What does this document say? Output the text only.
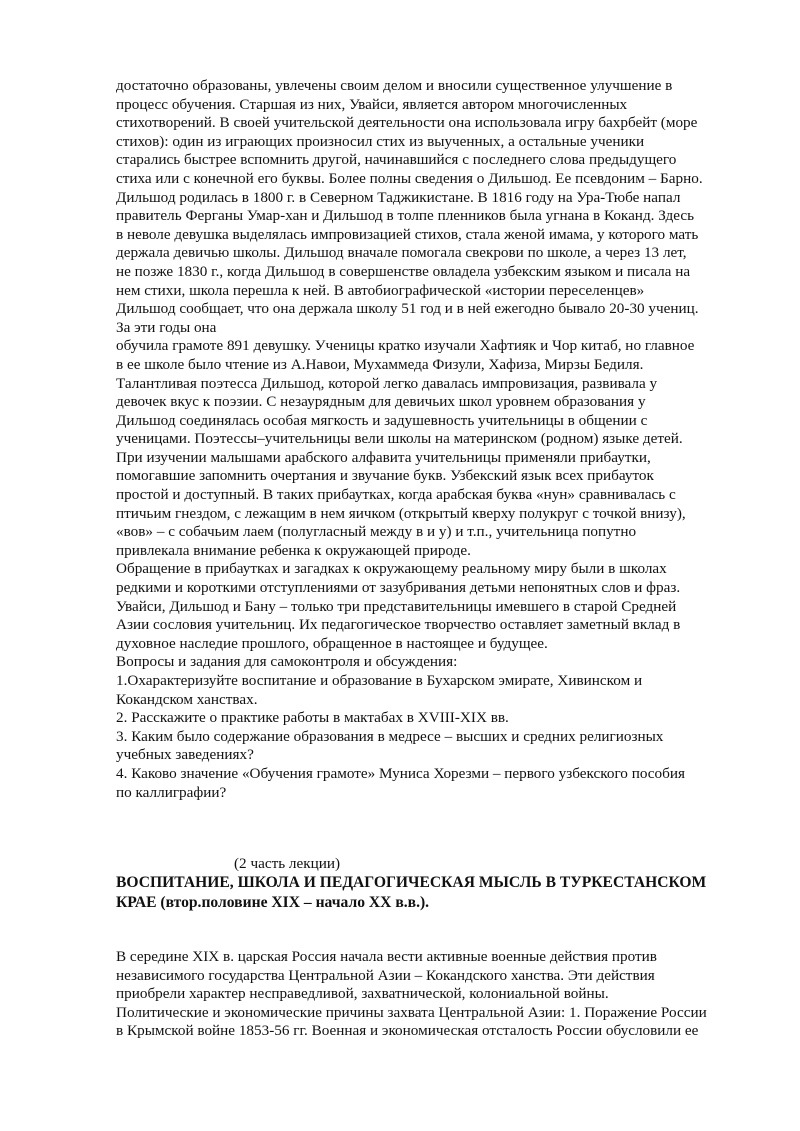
достаточно образованы, увлечены своим делом и вносили существенное улучшение в
процесс обучения. Старшая из них, Увайси, является автором многочисленных
стихотворений. В своей учительской деятельности она использовала игру бахрбейт (море
стихов): один из играющих произносил стих из выученных, а остальные ученики
старались быстрее вспомнить другой, начинавшийся с последнего слова предыдущего
стиха или с конечной его буквы. Более полны сведения о Дильшод. Ее псевдоним – Барно.
Дильшод родилась в 1800 г. в Северном Таджикистане. В 1816 году на Ура-Тюбе напал
правитель Ферганы Умар-хан и Дильшод в толпе пленников была угнана в Коканд. Здесь
в неволе девушка выделялась импровизацией стихов, стала женой имама, у которого мать
держала девичью школы. Дильшод вначале помогала свекрови по школе, а через 13 лет,
не позже 1830 г., когда Дильшод в совершенстве овладела узбекским языком и писала на
нем стихи, школа перешла к ней. В автобиографической «истории переселенцев»
Дильшод сообщает, что она держала школу 51 год и в ней ежегодно бывало 20-30 учениц.
За эти годы она
обучила грамоте 891 девушку. Ученицы кратко изучали Хафтияк и Чор китаб, но главное
в ее школе было чтение из А.Навои, Мухаммеда Физули, Хафиза, Мирзы Бедиля.
Талантливая поэтесса Дильшод, которой легко давалась импровизация, развивала у
девочек вкус к поэзии. С незаурядным для девичьих школ уровнем образования у
Дильшод соединялась особая мягкость и задушевность учительницы в общении с
ученицами. Поэтессы–учительницы вели школы на материнском (родном) языке детей.
При изучении малышами арабского алфавита учительницы применяли прибаутки,
помогавшие запомнить очертания и звучание букв. Узбекский язык всех прибауток
простой и доступный. В таких прибаутках, когда арабская буква «нун» сравнивалась с
птичьим гнездом, с лежащим в нем яичком (открытый кверху полукруг с точкой внизу),
«вов» – с собачьим лаем (полугласный между в и у) и т.п., учительница попутно
привлекала внимание ребенка к окружающей природе.
Обращение в прибаутках и загадках к окружающему реальному миру были в школах
редкими и короткими отступлениями от зазубривания детьми непонятных слов и фраз.
Увайси, Дильшод и Бану – только три представительницы имевшего в старой Средней
Азии сословия учительниц. Их педагогическое творчество оставляет заметный вклад в
духовное наследие прошлого, обращенное в настоящее и будущее.
Вопросы и задания для самоконтроля и обсуждения:
1.Охарактеризуйте воспитание и образование в Бухарском эмирате, Хивинском и
Кокандском ханствах.
2. Расскажите о практике работы в мактабах в XVIII-XIX вв.
3. Каким было содержание образования в медресе – высших и средних религиозных
учебных заведениях?
4. Каково значение «Обучения грамоте» Муниса Хорезми – первого узбекского пособия
по каллиграфии?
(2 часть лекции)
ВОСПИТАНИЕ, ШКОЛА И ПЕДАГОГИЧЕСКАЯ МЫСЛЬ В ТУРКЕСТАНСКОМ
КРАЕ (втор.половине XIX – начало XX в.в.).
В середине XIX в. царская Россия начала вести активные военные действия против
независимого государства Центральной Азии – Кокандского ханства. Эти действия
приобрели характер несправедливой, захватнической, колониальной войны.
Политические и экономические причины захвата Центральной Азии: 1. Поражение России
в Крымской войне 1853-56 гг. Военная и экономическая отсталость России обусловили ее
